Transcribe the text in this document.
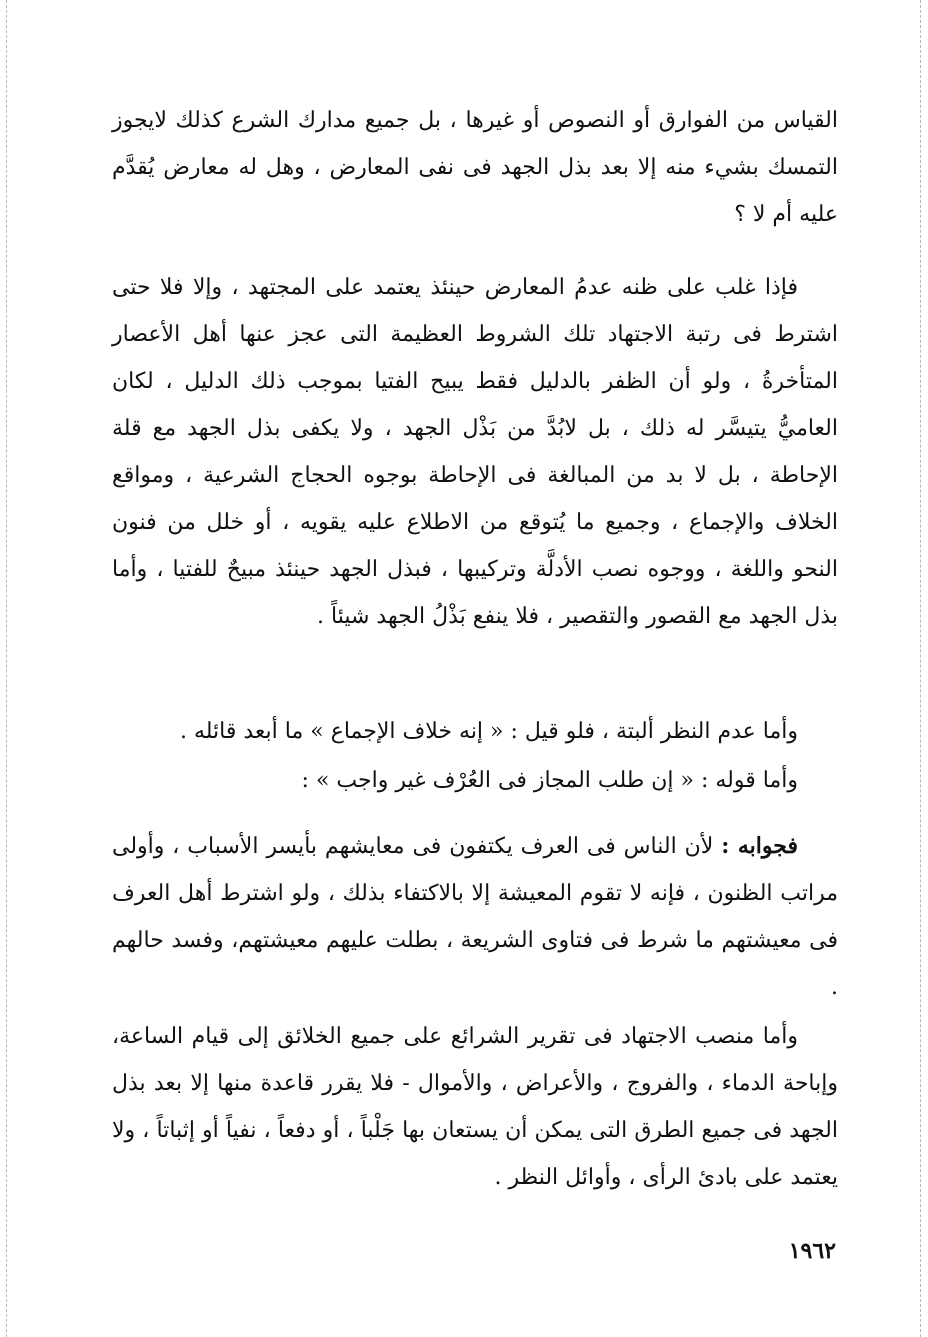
القياس من الفوارق أو النصوص أو غيرها ، بل جميع مدارك الشرع كذلك لايجوز التمسك بشيء منه إلا بعد بذل الجهد فى نفى المعارض ، وهل له معارض يُقدَّم عليه أم لا ؟

فإذا غلب على ظنه عدمُ المعارض حينئذ يعتمد على المجتهد ، وإلا فلا حتى اشترط فى رتبة الاجتهاد تلك الشروط العظيمة التى عجز عنها أهل الأعصار المتأخرةُ ، ولو أن الظفر بالدليل فقط يبيح الفتيا بموجب ذلك الدليل ، لكان العاميُّ يتيسَّر له ذلك ، بل لابُدَّ من بَذْل الجهد ، ولا يكفى بذل الجهد مع قلة الإحاطة ، بل لا بد من المبالغة فى الإحاطة بوجوه الحجاج الشرعية ، ومواقع الخلاف والإجماع ، وجميع ما يُتوقع من الاطلاع عليه يقويه ، أو خلل من فنون النحو واللغة ، ووجوه نصب الأدلَّة وتركيبها ، فبذل الجهد حينئذ مبيحٌ للفتيا ، وأما بذل الجهد مع القصور والتقصير ، فلا ينفع بَذْلُ الجهد شيئاً .

وأما عدم النظر ألبتة ، فلو قيل : « إنه خلاف الإجماع » ما أبعد قائله .

وأما قوله : « إن طلب المجاز فى العُرْف غير واجب » :

فجوابه : لأن الناس فى العرف يكتفون فى معايشهم بأيسر الأسباب ، وأولى مراتب الظنون ، فإنه لا تقوم المعيشة إلا بالاكتفاء بذلك ، ولو اشترط أهل العرف فى معيشتهم ما شرط فى فتاوى الشريعة ، بطلت عليهم معيشتهم، وفسد حالهم .

وأما منصب الاجتهاد فى تقرير الشرائع على جميع الخلائق إلى قيام الساعة، وإباحة الدماء ، والفروج ، والأعراض ، والأموال - فلا يقرر قاعدة منها إلا بعد بذل الجهد فى جميع الطرق التى يمكن أن يستعان بها جَلْباً ، أو دفعاً ، نفياً أو إثباتاً ، ولا يعتمد على بادئ الرأى ، وأوائل النظر .

١٩٦٢
